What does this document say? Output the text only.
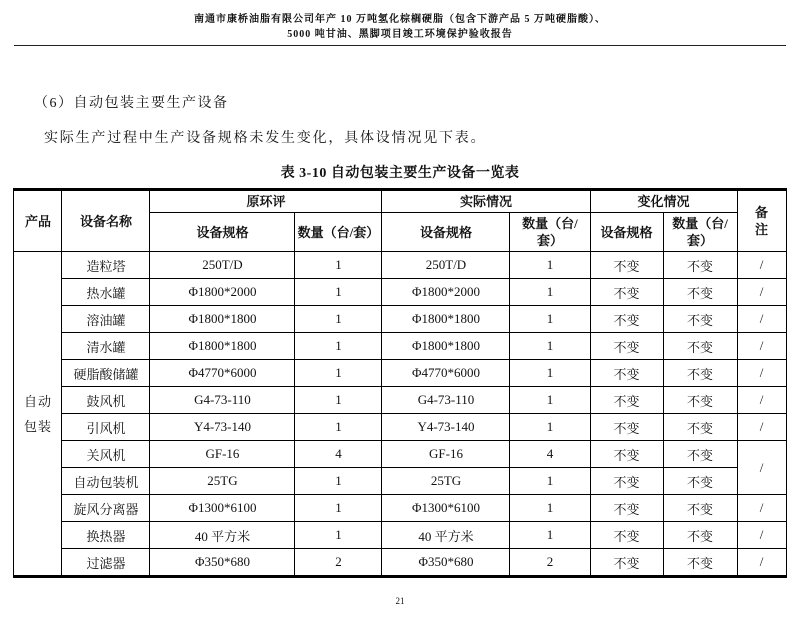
南通市康桥油脂有限公司年产 10 万吨氢化棕榈硬脂（包含下游产品 5 万吨硬脂酸）、
5000 吨甘油、黑脚项目竣工环境保护验收报告
（6）自动包装主要生产设备
实际生产过程中生产设备规格未发生变化，具体设情况见下表。
表 3-10 自动包装主要生产设备一览表
产品	设备名称	原环评		实际情况		变化情况		备注
		设备规格	数量（台/套）	设备规格	数量（台/套）	设备规格	数量（台/套）	
自动包装	造粒塔	250T/D	1	250T/D	1	不变	不变	/
	热水罐	Φ1800*2000	1	Φ1800*2000	1	不变	不变	/
	溶油罐	Φ1800*1800	1	Φ1800*1800	1	不变	不变	/
	清水罐	Φ1800*1800	1	Φ1800*1800	1	不变	不变	/
	硬脂酸储罐	Φ4770*6000	1	Φ4770*6000	1	不变	不变	/
	鼓风机	G4-73-110	1	G4-73-110	1	不变	不变	/
	引风机	Y4-73-140	1	Y4-73-140	1	不变	不变	/
	关风机	GF-16	4	GF-16	4	不变	不变	/
	自动包装机	25TG	1	25TG	1	不变	不变	
	旋风分离器	Φ1300*6100	1	Φ1300*6100	1	不变	不变	/
	换热器	40 平方米	1	40 平方米	1	不变	不变	/
	过滤器	Φ350*680	2	Φ350*680	2	不变	不变	/
21
